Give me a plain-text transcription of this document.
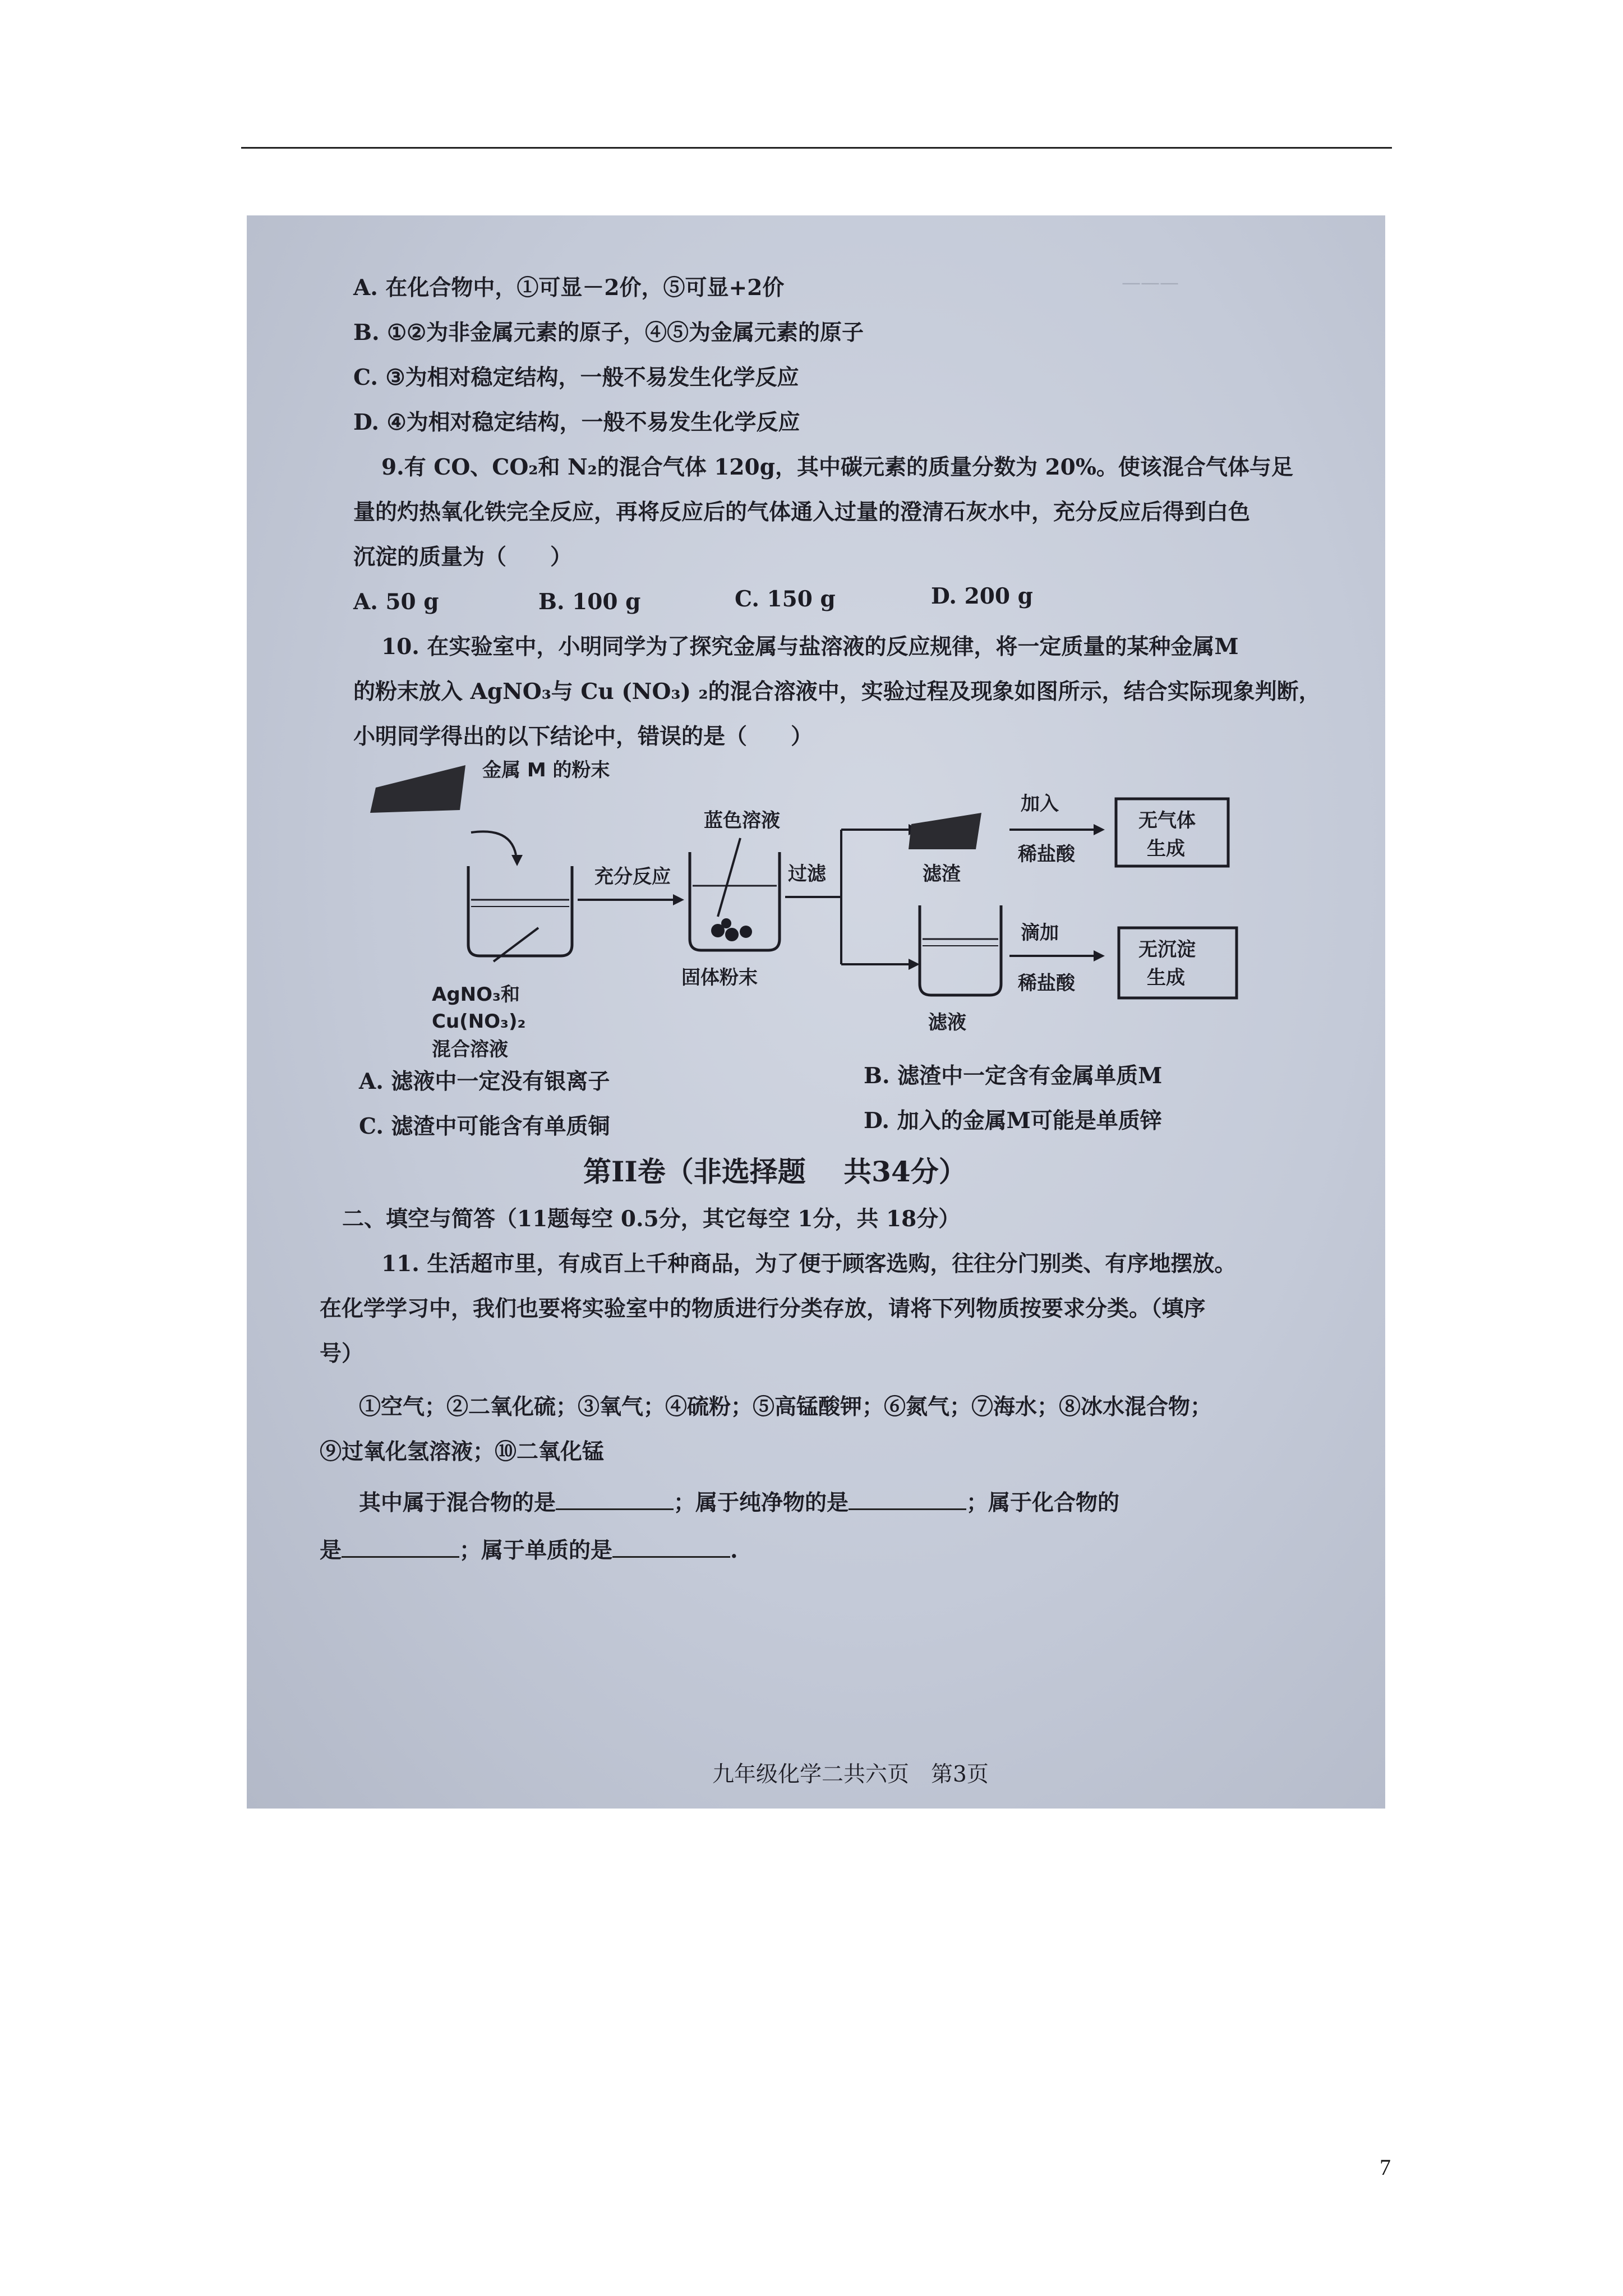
———
A. 在化合物中，①可显－2价，⑤可显+2价
B. ①②为非金属元素的原子，④⑤为金属元素的原子
C. ③为相对稳定结构，一般不易发生化学反应
D. ④为相对稳定结构，一般不易发生化学反应
9.有 CO、CO₂和 N₂的混合气体 120g，其中碳元素的质量分数为 20%。使该混合气体与足
量的灼热氧化铁完全反应，再将反应后的气体通入过量的澄清石灰水中，充分反应后得到白色
沉淀的质量为（　　）
A. 50 g	B. 100 g	C. 150 g	D. 200 g
10. 在实验室中，小明同学为了探究金属与盐溶液的反应规律，将一定质量的某种金属M
的粉末放入 AgNO₃与 Cu (NO₃) ₂的混合溶液中，实验过程及现象如图所示，结合实际现象判断，
小明同学得出的以下结论中，错误的是（　　）
金属 M 的粉末
AgNO₃和
Cu(NO₃)₂
混合溶液
充分反应
蓝色溶液
固体粉末
过滤	滤渣
滤液
加入
稀盐酸
无气体
生成
滴加
稀盐酸
无沉淀
生成
A. 滤液中一定没有银离子	B. 滤渣中一定含有金属单质M
C. 滤渣中可能含有单质铜	D. 加入的金属M可能是单质锌
第II卷（非选择题　 共34分）
二、填空与简答（11题每空 0.5分，其它每空 1分，共 18分）
11. 生活超市里，有成百上千种商品，为了便于顾客选购，往往分门别类、有序地摆放。
在化学学习中，我们也要将实验室中的物质进行分类存放，请将下列物质按要求分类。（填序
号）
①空气；②二氧化硫；③氧气；④硫粉；⑤高锰酸钾；⑥氮气；⑦海水；⑧冰水混合物；
⑨过氧化氢溶液；⑩二氧化锰
其中属于混合物的是	；属于纯净物的是	；属于化合物的
是	；属于单质的是	.
九年级化学二共六页　第3页
7
